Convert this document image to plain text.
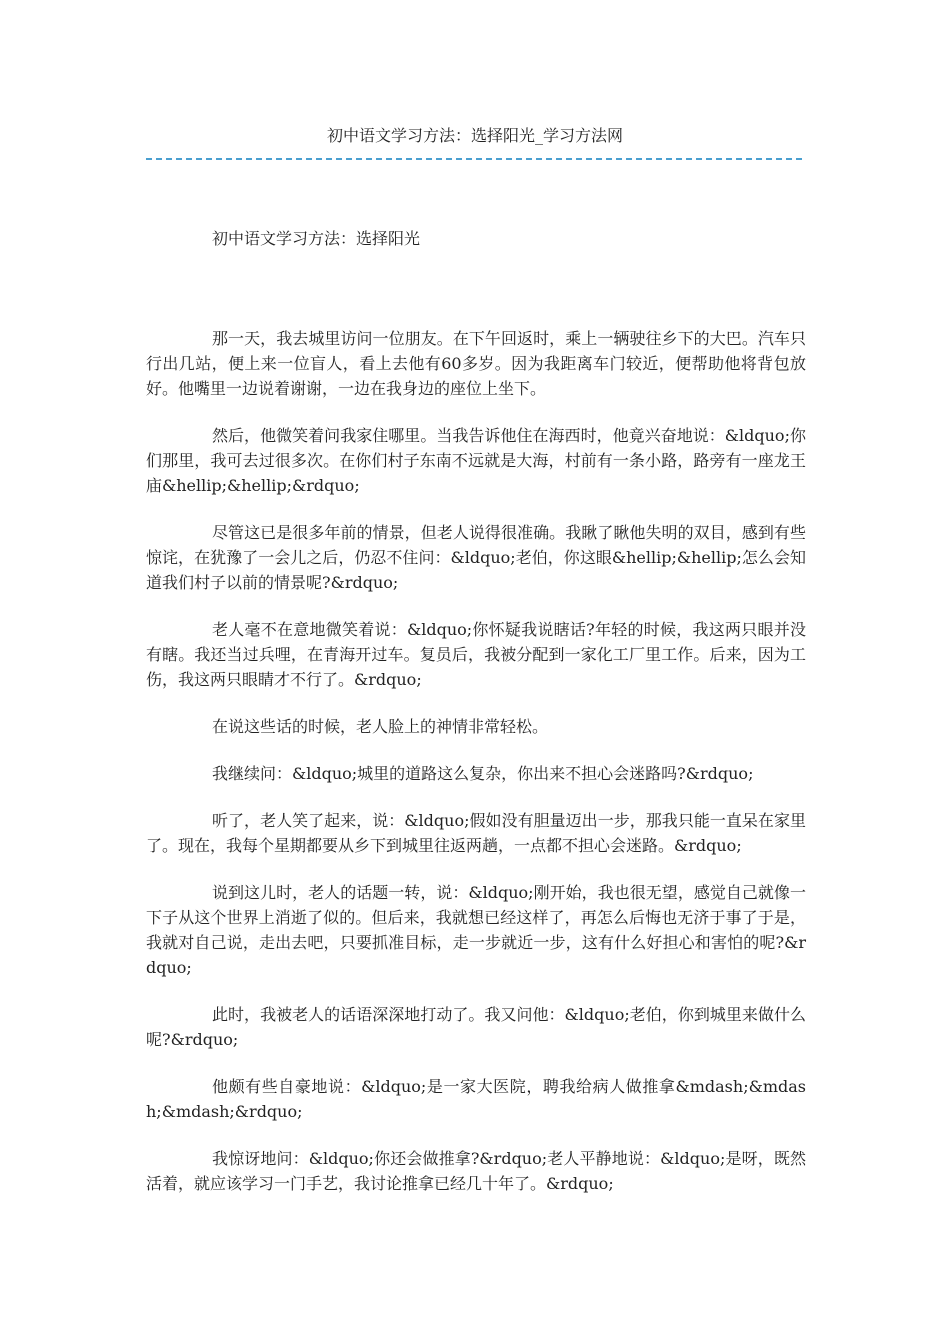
初中语文学习方法：选择阳光_学习方法网
初中语文学习方法：选择阳光

那一天，我去城里访问一位朋友。在下午回返时，乘上一辆驶往乡下的大巴。汽车只行出几站，便上来一位盲人，看上去他有60多岁。因为我距离车门较近，便帮助他将背包放好。他嘴里一边说着谢谢，一边在我身边的座位上坐下。

然后，他微笑着问我家住哪里。当我告诉他住在海西时，他竟兴奋地说：&ldquo;你们那里，我可去过很多次。在你们村子东南不远就是大海，村前有一条小路，路旁有一座龙王庙&hellip;&hellip;&rdquo;

尽管这已是很多年前的情景，但老人说得很准确。我瞅了瞅他失明的双目，感到有些惊诧，在犹豫了一会儿之后，仍忍不住问：&ldquo;老伯，你这眼&hellip;&hellip;怎么会知道我们村子以前的情景呢?&rdquo;

老人毫不在意地微笑着说：&ldquo;你怀疑我说瞎话?年轻的时候，我这两只眼并没有瞎。我还当过兵哩，在青海开过车。复员后，我被分配到一家化工厂里工作。后来，因为工伤，我这两只眼睛才不行了。&rdquo;

在说这些话的时候，老人脸上的神情非常轻松。

我继续问：&ldquo;城里的道路这么复杂，你出来不担心会迷路吗?&rdquo;

听了，老人笑了起来，说：&ldquo;假如没有胆量迈出一步，那我只能一直呆在家里了。现在，我每个星期都要从乡下到城里往返两趟，一点都不担心会迷路。&rdquo;

说到这儿时，老人的话题一转，说：&ldquo;刚开始，我也很无望，感觉自己就像一下子从这个世界上消逝了似的。但后来，我就想已经这样了，再怎么后悔也无济于事了于是，我就对自己说，走出去吧，只要抓准目标，走一步就近一步，这有什么好担心和害怕的呢?&rdquo;

此时，我被老人的话语深深地打动了。我又问他：&ldquo;老伯，你到城里来做什么呢?&rdquo;

他颇有些自豪地说：&ldquo;是一家大医院，聘我给病人做推拿&mdash;&mdash;&mdash;&rdquo;

我惊讶地问：&ldquo;你还会做推拿?&rdquo;老人平静地说：&ldquo;是呀，既然活着，就应该学习一门手艺，我讨论推拿已经几十年了。&rdquo;
